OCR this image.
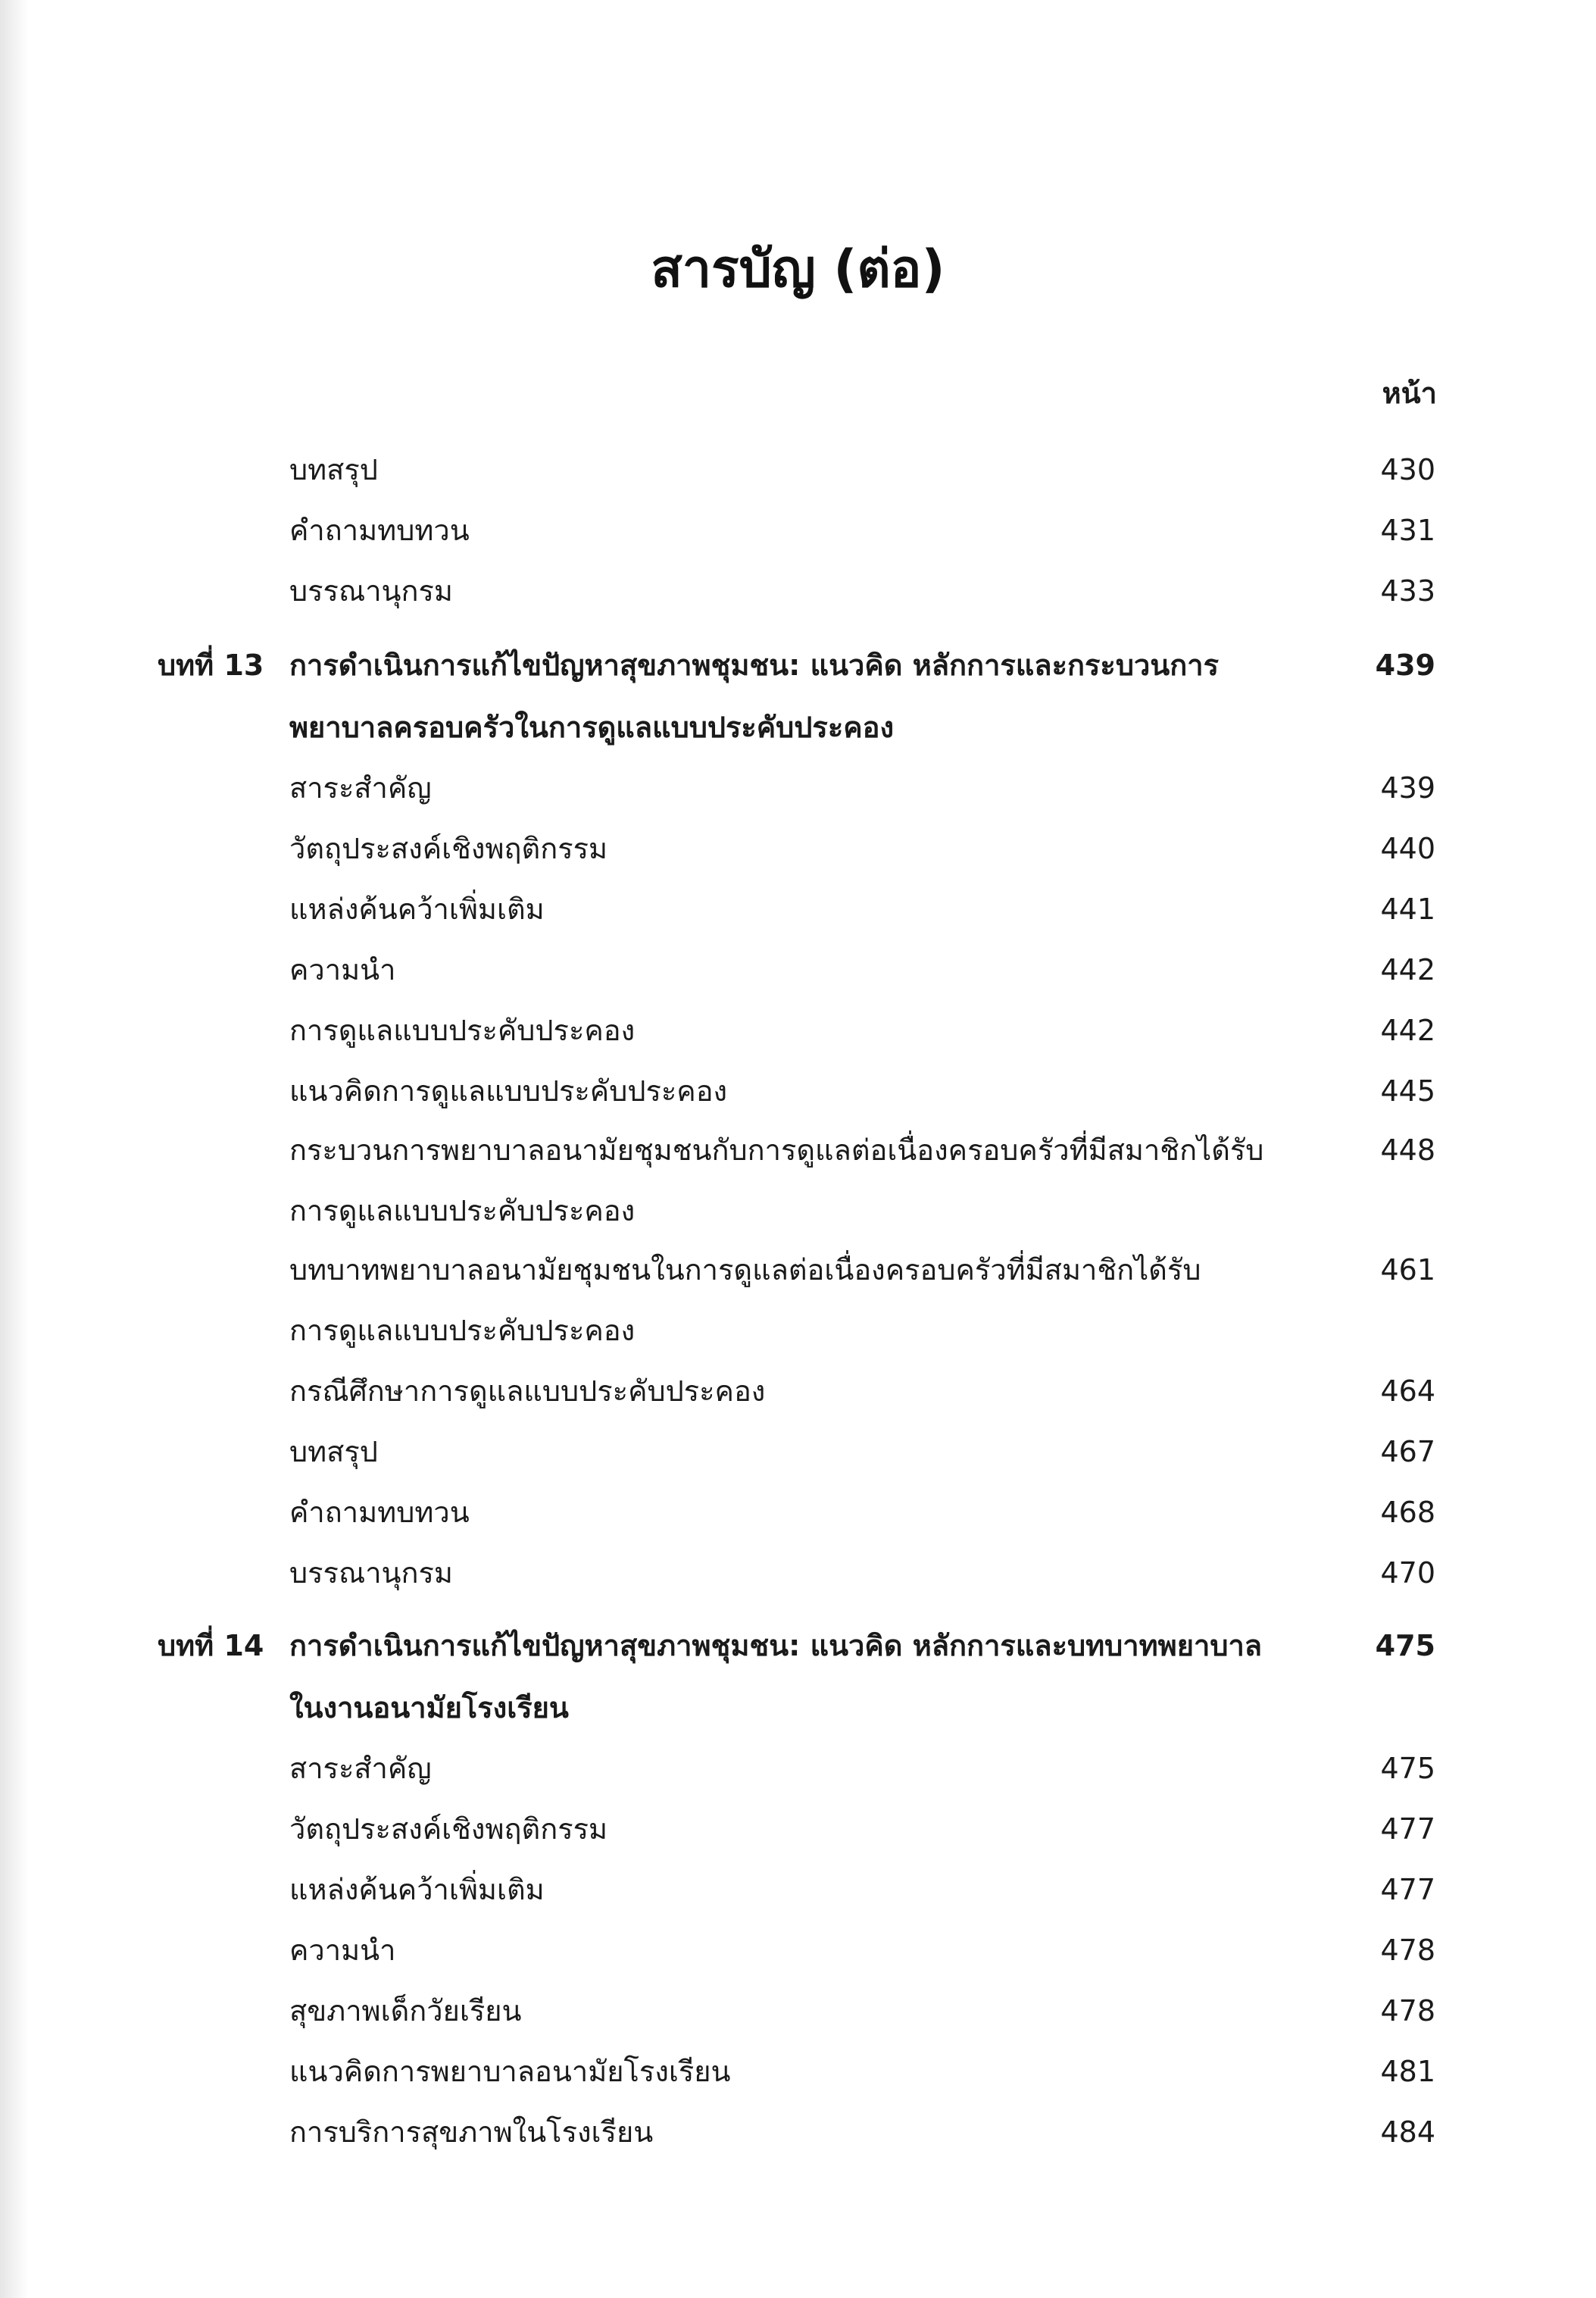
สารบัญ (ต่อ)
หน้า
บทสรุป	430
คำถามทบทวน	431
บรรณานุกรม	433
บทที่ 13 การดำเนินการแก้ไขปัญหาสุขภาพชุมชน: แนวคิด หลักการและกระบวนการ	439
พยาบาลครอบครัวในการดูแลแบบประคับประคอง
สาระสำคัญ	439
วัตถุประสงค์เชิงพฤติกรรม	440
แหล่งค้นคว้าเพิ่มเติม	441
ความนำ	442
การดูแลแบบประคับประคอง	442
แนวคิดการดูแลแบบประคับประคอง	445
กระบวนการพยาบาลอนามัยชุมชนกับการดูแลต่อเนื่องครอบครัวที่มีสมาชิกได้รับ	448
การดูแลแบบประคับประคอง
บทบาทพยาบาลอนามัยชุมชนในการดูแลต่อเนื่องครอบครัวที่มีสมาชิกได้รับ	461
การดูแลแบบประคับประคอง
กรณีศึกษาการดูแลแบบประคับประคอง	464
บทสรุป	467
คำถามทบทวน	468
บรรณานุกรม	470
บทที่ 14 การดำเนินการแก้ไขปัญหาสุขภาพชุมชน: แนวคิด หลักการและบทบาทพยาบาล	475
ในงานอนามัยโรงเรียน
สาระสำคัญ	475
วัตถุประสงค์เชิงพฤติกรรม	477
แหล่งค้นคว้าเพิ่มเติม	477
ความนำ	478
สุขภาพเด็กวัยเรียน	478
แนวคิดการพยาบาลอนามัยโรงเรียน	481
การบริการสุขภาพในโรงเรียน	484
